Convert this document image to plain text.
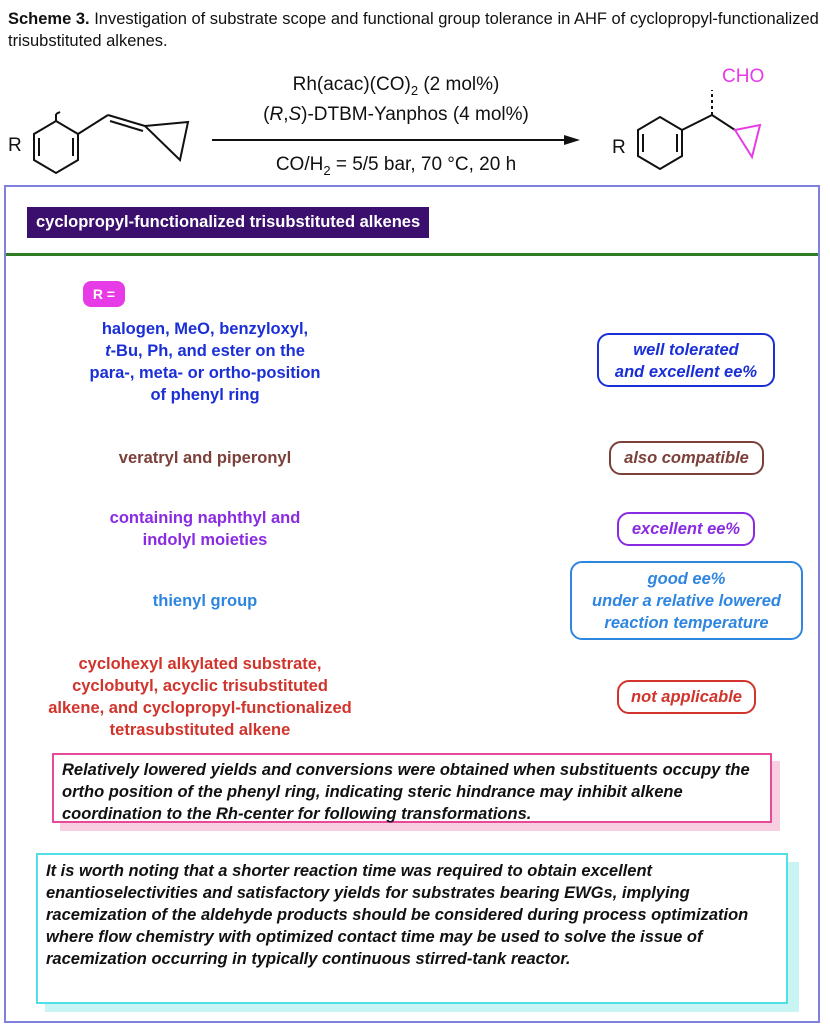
Scheme 3. Investigation of substrate scope and functional group tolerance in AHF of cyclopropyl-functionalized trisubstituted alkenes.
R
$Rh(acac)(CO)_2$ (2 mol%)
(R,S)-DTBM-Yanphos (4 mol%)
$CO/H_2 = 5/5$ bar, 70 °C, 20 h
CHO
R
cyclopropyl-functionalized trisubstituted alkenes
R =
halogen, MeO, benzyloxyl,
t-Bu, Ph, and ester on the
para-, meta- or ortho-position
of phenyl ring
well tolerated
and excellent ee%
veratryl and piperonyl	also compatible
containing naphthyl and
indolyl moieties
excellent ee%
thienyl group
good ee%
under a relative lowered
reaction temperature
cyclohexyl alkylated substrate,
cyclobutyl, acyclic trisubstituted
alkene, and cyclopropyl-functionalized
tetrasubstituted alkene
not applicable
Relatively lowered yields and conversions were obtained when substituents occupy the ortho position of the phenyl ring, indicating steric hindrance may inhibit alkene coordination to the Rh-center for following transformations.
It is worth noting that a shorter reaction time was required to obtain excellent enantioselectivities and satisfactory yields for substrates bearing EWGs, implying racemization of the aldehyde products should be considered during process optimization where flow chemistry with optimized contact time may be used to solve the issue of racemization occurring in typically continuous stirred-tank reactor.
